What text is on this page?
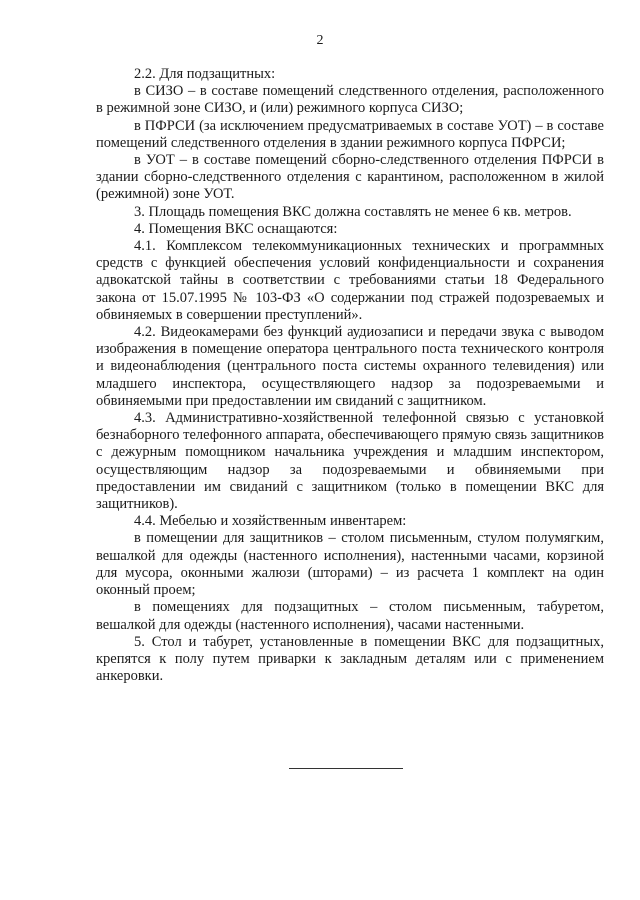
2

2.2. Для подзащитных:

в СИЗО – в составе помещений следственного отделения, расположенного в режимной зоне СИЗО, и (или) режимного корпуса СИЗО;

в ПФРСИ (за исключением предусматриваемых в составе УОТ) – в составе помещений следственного отделения в здании режимного корпуса ПФРСИ;

в УОТ – в составе помещений сборно-следственного отделения ПФРСИ в здании сборно-следственного отделения с карантином, расположенном в жилой (режимной) зоне УОТ.

3. Площадь помещения ВКС должна составлять не менее 6 кв. метров.

4. Помещения ВКС оснащаются:

4.1. Комплексом телекоммуникационных технических и программных средств с функцией обеспечения условий конфиденциальности и сохранения адвокатской тайны в соответствии с требованиями статьи 18 Федерального закона от 15.07.1995 № 103-ФЗ «О содержании под стражей подозреваемых и обвиняемых в совершении преступлений».

4.2. Видеокамерами без функций аудиозаписи и передачи звука с выводом изображения в помещение оператора центрального поста технического контроля и видеонаблюдения (центрального поста системы охранного телевидения) или младшего инспектора, осуществляющего надзор за подозреваемыми и обвиняемыми при предоставлении им свиданий с защитником.

4.3. Административно-хозяйственной телефонной связью с установкой безнаборного телефонного аппарата, обеспечивающего прямую связь защитников с дежурным помощником начальника учреждения и младшим инспектором, осуществляющим надзор за подозреваемыми и обвиняемыми при предоставлении им свиданий с защитником (только в помещении ВКС для защитников).

4.4. Мебелью и хозяйственным инвентарем:

в помещении для защитников – столом письменным, стулом полумягким, вешалкой для одежды (настенного исполнения), настенными часами, корзиной для мусора, оконными жалюзи (шторами) – из расчета 1 комплект на один оконный проем;

в помещениях для подзащитных – столом письменным, табуретом, вешалкой для одежды (настенного исполнения), часами настенными.

5. Стол и табурет, установленные в помещении ВКС для подзащитных, крепятся к полу путем приварки к закладным деталям или с применением анкеровки.
